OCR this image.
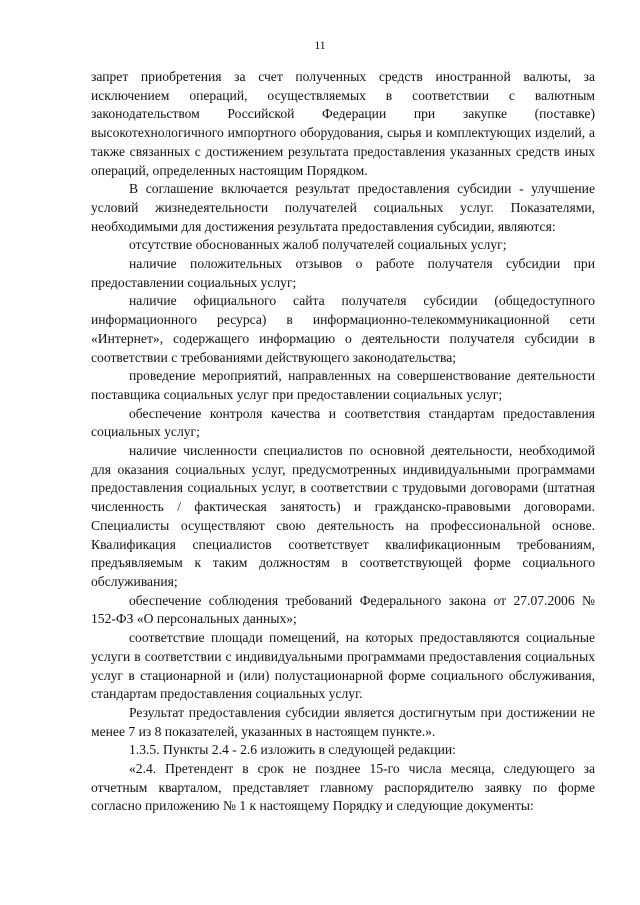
11

запрет приобретения за счет полученных средств иностранной валюты, за исключением операций, осуществляемых в соответствии с валютным законодательством Российской Федерации при закупке (поставке) высокотехнологичного импортного оборудования, сырья и комплектующих изделий, а также связанных с достижением результата предоставления указанных средств иных операций, определенных настоящим Порядком.

В соглашение включается результат предоставления субсидии - улучшение условий жизнедеятельности получателей социальных услуг. Показателями, необходимыми для достижения результата предоставления субсидии, являются:

отсутствие обоснованных жалоб получателей социальных услуг;

наличие положительных отзывов о работе получателя субсидии при предоставлении социальных услуг;

наличие официального сайта получателя субсидии (общедоступного информационного ресурса) в информационно-телекоммуникационной сети «Интернет», содержащего информацию о деятельности получателя субсидии в соответствии с требованиями действующего законодательства;

проведение мероприятий, направленных на совершенствование деятельности поставщика социальных услуг при предоставлении социальных услуг;

обеспечение контроля качества и соответствия стандартам предоставления социальных услуг;

наличие численности специалистов по основной деятельности, необходимой для оказания социальных услуг, предусмотренных индивидуальными программами предоставления социальных услуг, в соответствии с трудовыми договорами (штатная численность / фактическая занятость) и гражданско-правовыми договорами. Специалисты осуществляют свою деятельность на профессиональной основе. Квалификация специалистов соответствует квалификационным требованиям, предъявляемым к таким должностям в соответствующей форме социального обслуживания;

обеспечение соблюдения требований Федерального закона от 27.07.2006 № 152-ФЗ «О персональных данных»;

соответствие площади помещений, на которых предоставляются социальные услуги в соответствии с индивидуальными программами предоставления социальных услуг в стационарной и (или) полустационарной форме социального обслуживания, стандартам предоставления социальных услуг.

Результат предоставления субсидии является достигнутым при достижении не менее 7 из 8 показателей, указанных в настоящем пункте.».

1.3.5. Пункты 2.4 - 2.6 изложить в следующей редакции:

«2.4. Претендент в срок не позднее 15-го числа месяца, следующего за отчетным кварталом, представляет главному распорядителю заявку по форме согласно приложению № 1 к настоящему Порядку и следующие документы:
